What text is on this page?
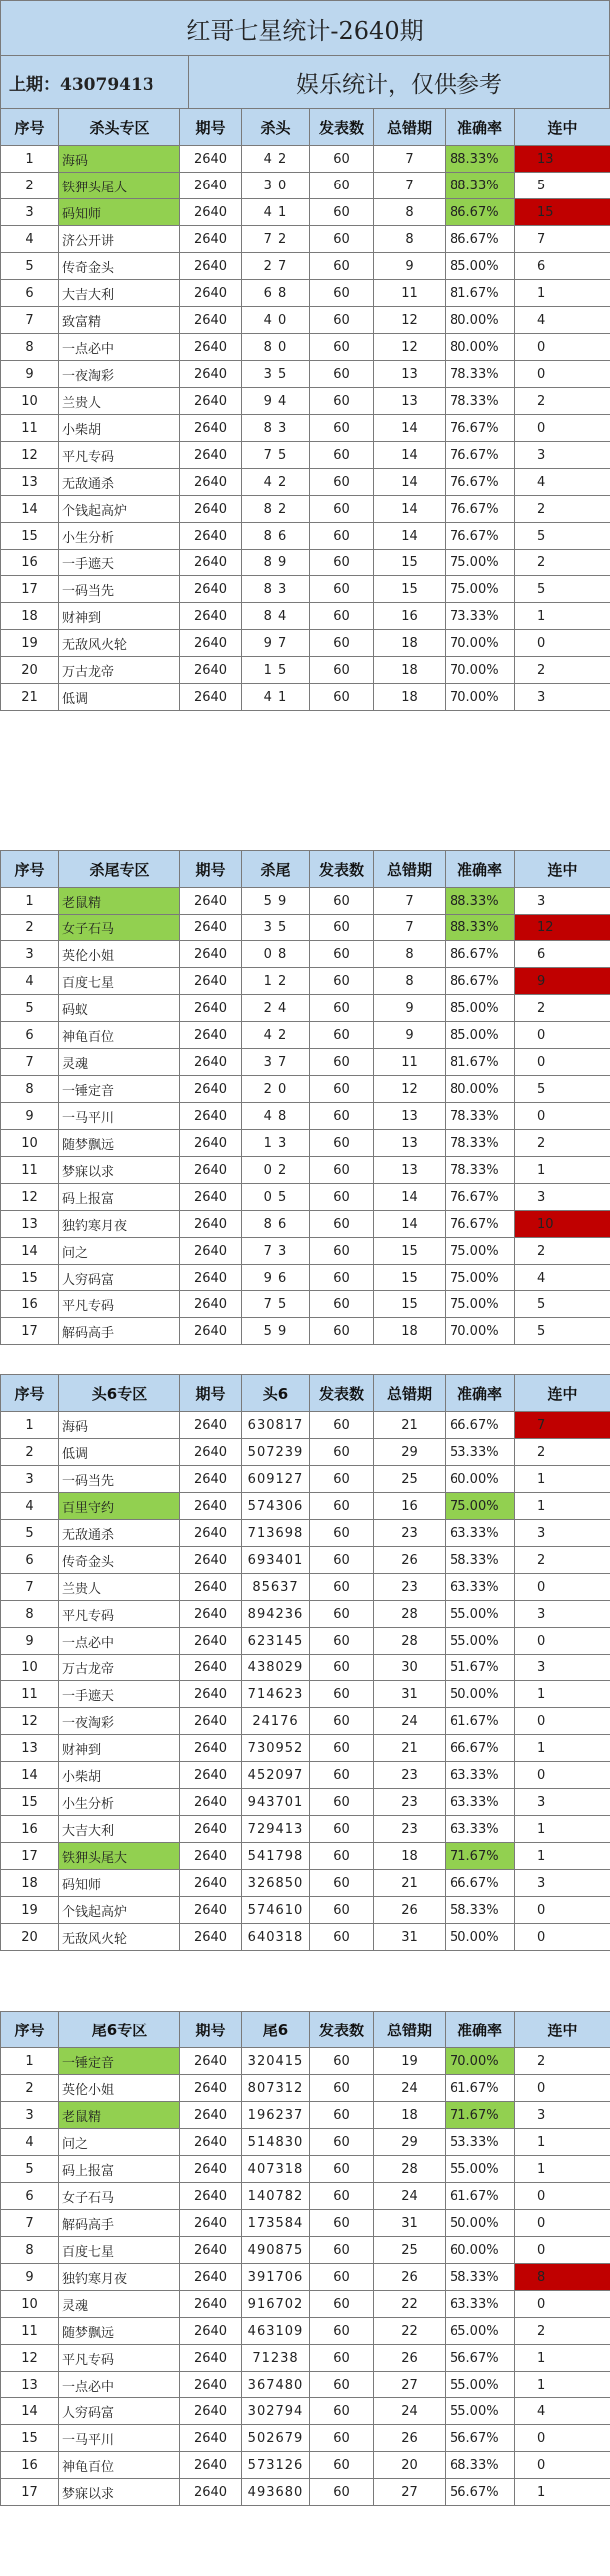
红哥七星统计-2640期
上期：43079413	娱乐统计，仅供参考
序号	杀头专区	期号	杀头	发表数	总错期	准确率	连中
1	海码	2640	4 2	60	7	88.33%	13
2	铁狎头尾大	2640	3 0	60	7	88.33%	5
3	码知师	2640	4 1	60	8	86.67%	15
4	济公开讲	2640	7 2	60	8	86.67%	7
5	传奇金头	2640	2 7	60	9	85.00%	6
6	大吉大利	2640	6 8	60	11	81.67%	1
7	致富精	2640	4 0	60	12	80.00%	4
8	一点必中	2640	8 0	60	12	80.00%	0
9	一夜淘彩	2640	3 5	60	13	78.33%	0
10	兰贵人	2640	9 4	60	13	78.33%	2
11	小柴胡	2640	8 3	60	14	76.67%	0
12	平凡专码	2640	7 5	60	14	76.67%	3
13	无敌通杀	2640	4 2	60	14	76.67%	4
14	个钱起高炉	2640	8 2	60	14	76.67%	2
15	小生分析	2640	8 6	60	14	76.67%	5
16	一手遮天	2640	8 9	60	15	75.00%	2
17	一码当先	2640	8 3	60	15	75.00%	5
18	财神到	2640	8 4	60	16	73.33%	1
19	无敌风火轮	2640	9 7	60	18	70.00%	0
20	万古龙帝	2640	1 5	60	18	70.00%	2
21	低调	2640	4 1	60	18	70.00%	3
序号	杀尾专区	期号	杀尾	发表数	总错期	准确率	连中
1	老鼠精	2640	5 9	60	7	88.33%	3
2	女子石马	2640	3 5	60	7	88.33%	12
3	英伦小姐	2640	0 8	60	8	86.67%	6
4	百度七星	2640	1 2	60	8	86.67%	9
5	码蚁	2640	2 4	60	9	85.00%	2
6	神龟百位	2640	4 2	60	9	85.00%	0
7	灵魂	2640	3 7	60	11	81.67%	0
8	一锤定音	2640	2 0	60	12	80.00%	5
9	一马平川	2640	4 8	60	13	78.33%	0
10	随梦飘远	2640	1 3	60	13	78.33%	2
11	梦寐以求	2640	0 2	60	13	78.33%	1
12	码上报富	2640	0 5	60	14	76.67%	3
13	独钓寒月夜	2640	8 6	60	14	76.67%	10
14	问之	2640	7 3	60	15	75.00%	2
15	人穷码富	2640	9 6	60	15	75.00%	4
16	平凡专码	2640	7 5	60	15	75.00%	5
17	解码高手	2640	5 9	60	18	70.00%	5
序号	头6专区	期号	头6	发表数	总错期	准确率	连中
1	海码	2640	630817	60	21	66.67%	7
2	低调	2640	507239	60	29	53.33%	2
3	一码当先	2640	609127	60	25	60.00%	1
4	百里守约	2640	574306	60	16	75.00%	1
5	无敌通杀	2640	713698	60	23	63.33%	3
6	传奇金头	2640	693401	60	26	58.33%	2
7	兰贵人	2640	85637	60	23	63.33%	0
8	平凡专码	2640	894236	60	28	55.00%	3
9	一点必中	2640	623145	60	28	55.00%	0
10	万古龙帝	2640	438029	60	30	51.67%	3
11	一手遮天	2640	714623	60	31	50.00%	1
12	一夜淘彩	2640	24176	60	24	61.67%	0
13	财神到	2640	730952	60	21	66.67%	1
14	小柴胡	2640	452097	60	23	63.33%	0
15	小生分析	2640	943701	60	23	63.33%	3
16	大吉大利	2640	729413	60	23	63.33%	1
17	铁狎头尾大	2640	541798	60	18	71.67%	1
18	码知师	2640	326850	60	21	66.67%	3
19	个钱起高炉	2640	574610	60	26	58.33%	0
20	无敌风火轮	2640	640318	60	31	50.00%	0
序号	尾6专区	期号	尾6	发表数	总错期	准确率	连中
1	一锤定音	2640	320415	60	19	70.00%	2
2	英伦小姐	2640	807312	60	24	61.67%	0
3	老鼠精	2640	196237	60	18	71.67%	3
4	问之	2640	514830	60	29	53.33%	1
5	码上报富	2640	407318	60	28	55.00%	1
6	女子石马	2640	140782	60	24	61.67%	0
7	解码高手	2640	173584	60	31	50.00%	0
8	百度七星	2640	490875	60	25	60.00%	0
9	独钓寒月夜	2640	391706	60	26	58.33%	8
10	灵魂	2640	916702	60	22	63.33%	0
11	随梦飘远	2640	463109	60	22	65.00%	2
12	平凡专码	2640	71238	60	26	56.67%	1
13	一点必中	2640	367480	60	27	55.00%	1
14	人穷码富	2640	302794	60	24	55.00%	4
15	一马平川	2640	502679	60	26	56.67%	0
16	神龟百位	2640	573126	60	20	68.33%	0
17	梦寐以求	2640	493680	60	27	56.67%	1
